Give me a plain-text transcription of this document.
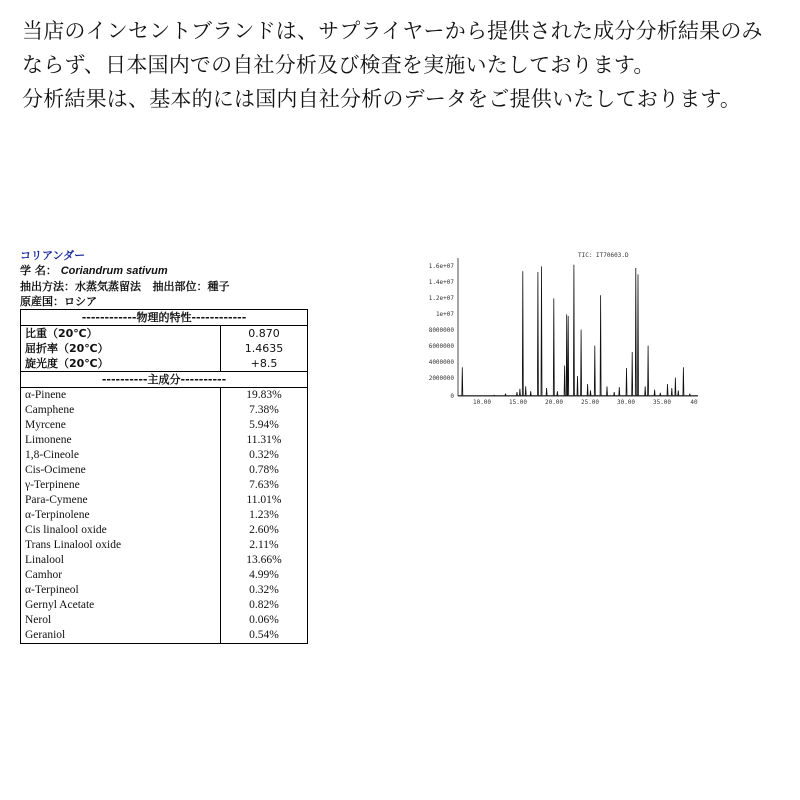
当店のインセントブランドは、サプライヤーから提供された成分分析結果のみならず、日本国内での自社分析及び検査を実施いたしております。

分析結果は、基本的には国内自社分析のデータをご提供いたしております。

コリアンダー
学 名： Coriandrum sativum
抽出方法：水蒸気蒸留法 抽出部位：種子
原産国：ロシア
------------物理的特性------------	
比重（20℃）	0.870
屈折率（20℃）	1.4635
旋光度（20℃）	+8.5
----------主成分----------	
α-Pinene	19.83%
Camphene	7.38%
Myrcene	5.94%
Limonene	11.31%
1,8-Cineole	0.32%
Cis-Ocimene	0.78%
γ-Terpinene	7.63%
Para-Cymene	11.01%
α-Terpinolene	1.23%
Cis linalool oxide	2.60%
Trans Linalool oxide	2.11%
Linalool	13.66%
Camhor	4.99%
α-Terpineol	0.32%
Gernyl Acetate	0.82%
Nerol	0.06%
Geraniol	0.54%
TIC: IT70603.D
1.6e+07
1.4e+07
1.2e+07
1e+07
8000000
6000000
4000000
2000000
0
10.00	15.00	20.00	25.00	30.00	35.00	40
